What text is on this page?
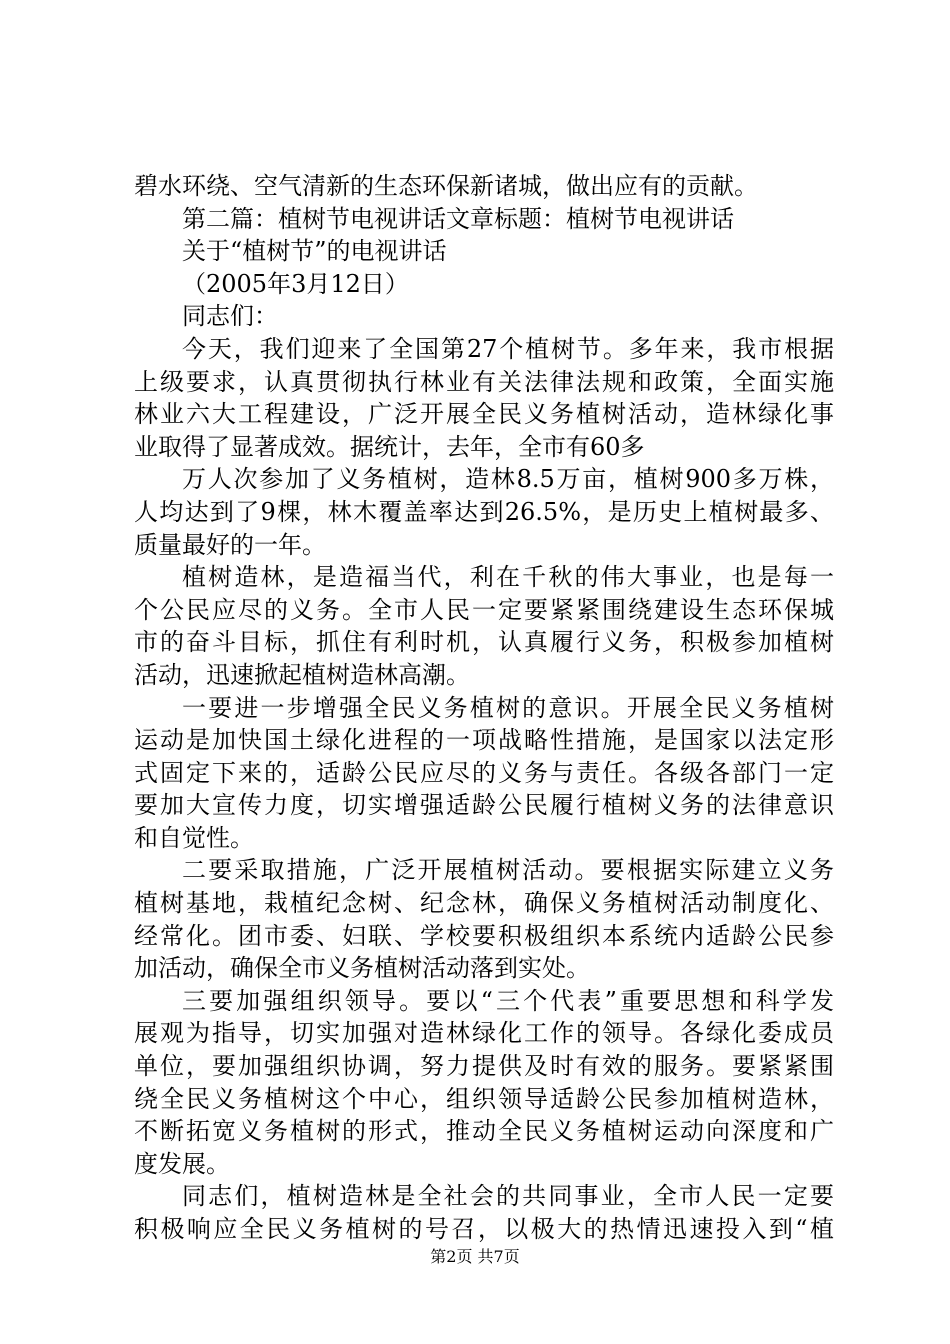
碧水环绕、空气清新的生态环保新诸城，做出应有的贡献。
第二篇：植树节电视讲话文章标题：植树节电视讲话
关于“植树节”的电视讲话
（2005年3月12日）
同志们：
今天，我们迎来了全国第27个植树节。多年来，我市根据
上级要求，认真贯彻执行林业有关法律法规和政策，全面实施
林业六大工程建设，广泛开展全民义务植树活动，造林绿化事
业取得了显著成效。据统计，去年，全市有60多
万人次参加了义务植树，造林8.5万亩，植树900多万株，
人均达到了9棵，林木覆盖率达到26.5%，是历史上植树最多、
质量最好的一年。
植树造林，是造福当代，利在千秋的伟大事业，也是每一
个公民应尽的义务。全市人民一定要紧紧围绕建设生态环保城
市的奋斗目标，抓住有利时机，认真履行义务，积极参加植树
活动，迅速掀起植树造林高潮。
一要进一步增强全民义务植树的意识。开展全民义务植树
运动是加快国土绿化进程的一项战略性措施，是国家以法定形
式固定下来的，适龄公民应尽的义务与责任。各级各部门一定
要加大宣传力度，切实增强适龄公民履行植树义务的法律意识
和自觉性。
二要采取措施，广泛开展植树活动。要根据实际建立义务
植树基地，栽植纪念树、纪念林，确保义务植树活动制度化、
经常化。团市委、妇联、学校要积极组织本系统内适龄公民参
加活动，确保全市义务植树活动落到实处。
三要加强组织领导。要以“三个代表”重要思想和科学发
展观为指导，切实加强对造林绿化工作的领导。各绿化委成员
单位，要加强组织协调，努力提供及时有效的服务。要紧紧围
绕全民义务植树这个中心，组织领导适龄公民参加植树造林，
不断拓宽义务植树的形式，推动全民义务植树运动向深度和广
度发展。
同志们，植树造林是全社会的共同事业，全市人民一定要
积极响应全民义务植树的号召，以极大的热情迅速投入到“植
第2页 共7页
